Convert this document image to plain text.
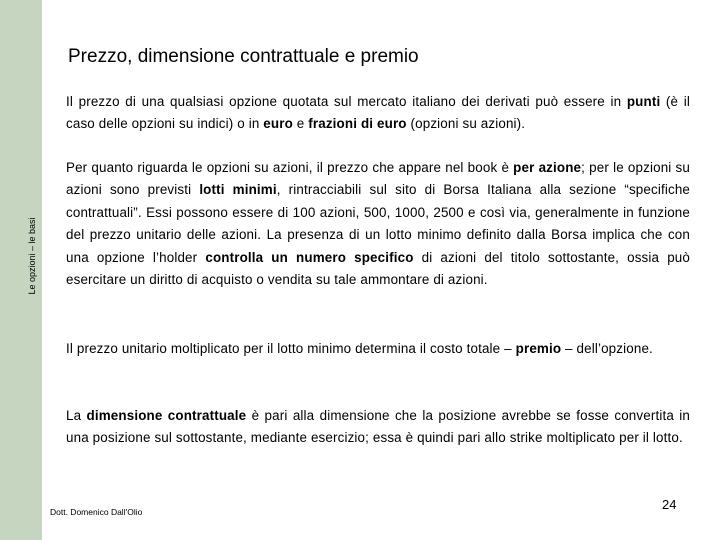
Le opzioni – le basi
Prezzo, dimensione contrattuale e premio

Il prezzo di una qualsiasi opzione quotata sul mercato italiano dei derivati può essere in punti (è il caso delle opzioni su indici) o in euro e frazioni di euro (opzioni su azioni).

Per quanto riguarda le opzioni su azioni, il prezzo che appare nel book è per azione; per le opzioni su azioni sono previsti lotti minimi, rintracciabili sul sito di Borsa Italiana alla sezione “specifiche contrattuali”. Essi possono essere di 100 azioni, 500, 1000, 2500 e così via, generalmente in funzione del prezzo unitario delle azioni. La presenza di un lotto minimo definito dalla Borsa implica che con una opzione l’holder controlla un numero specifico di azioni del titolo sottostante, ossia può esercitare un diritto di acquisto o vendita su tale ammontare di azioni.

Il prezzo unitario moltiplicato per il lotto minimo determina il costo totale – premio – dell’opzione.

La dimensione contrattuale è pari alla dimensione che la posizione avrebbe se fosse convertita in una posizione sul sottostante, mediante esercizio; essa è quindi pari allo strike moltiplicato per il lotto.

Dott. Domenico Dall'Olio	24
